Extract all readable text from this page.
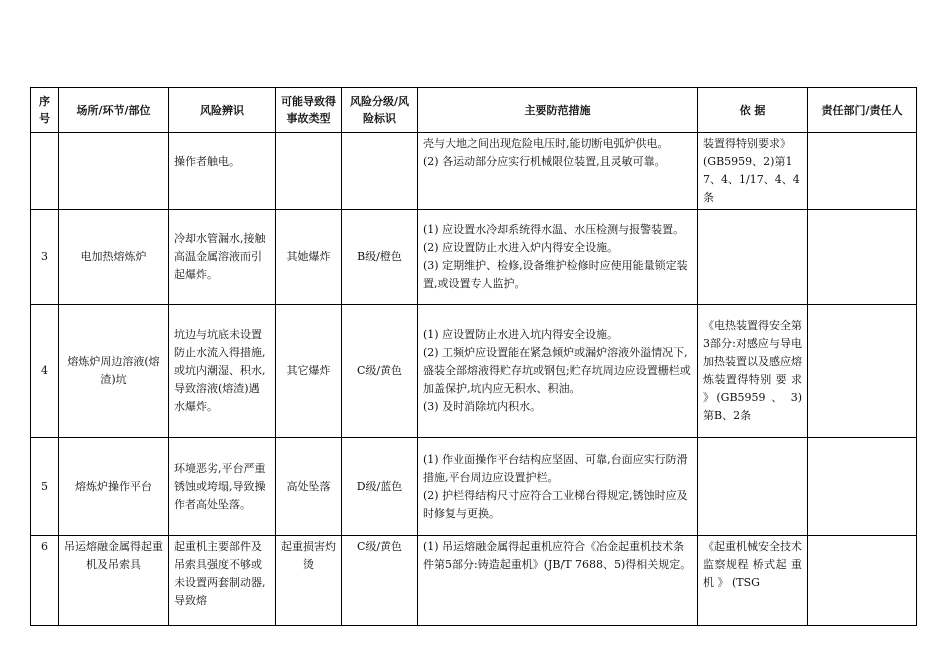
序号	场所/环节/部位	风险辨识	可能导致得事故类型	风险分级/风险标识	主要防范措施	依 据	责任部门/责任人

		操作者触电。			壳与大地之间出现危险电压时,能切断电弧炉供电。
(2) 各运动部分应实行机械限位装置,且灵敏可靠。	装置得特别要求》(GB5959、2)第17、4、1/17、4、4条	
3	电加热熔炼炉	冷却水管漏水,接触高温金属溶液而引起爆炸。	其她爆炸	B级/橙色	(1) 应设置水冷却系统得水温、水压检测与报警装置。
(2) 应设置防止水进入炉内得安全设施。
(3) 定期维护、检修,设备维护检修时应使用能量锁定装置,或设置专人监护。		

4	熔炼炉周边溶液(熔渣)坑	坑边与坑底未设置防止水流入得措施,或坑内潮湿、积水,导致溶液(熔渣)遇水爆炸。	其它爆炸	C级/黄色	(1) 应设置防止水进入坑内得安全设施。
(2) 工频炉应设置能在紧急倾炉或漏炉溶液外溢情况下,盛装全部熔液得贮存坑或钢包;贮存坑周边应设置栅栏或加盖保护,坑内应无积水、积油。
(3) 及时消除坑内积水。	《电热装置得安全第3部分:对感应与导电加热装置以及感应熔炼装置得特别 要 求 》(GB5959 、 3) 第B、2条	
5	熔炼炉操作平台	环境恶劣,平台严重锈蚀或垮塌,导致操作者高处坠落。	高处坠落	D级/蓝色	(1) 作业面操作平台结构应坚固、可靠,台面应实行防滑措施,平台周边应设置护栏。
(2) 护栏得结构尺寸应符合工业梯台得规定,锈蚀时应及时修复与更换。		

6	吊运熔融金属得起重机及吊索具	起重机主要部件及吊索具强度不够或未设置两套制动器,导致熔	起重损害灼 烫	C级/黄色	(1) 吊运熔融金属得起重机应符合《冶金起重机技术条件第5部分:铸造起重机》(JB/T 7688、5)得相关规定。	《起重机械安全技术监察规程 桥式起 重 机 》 (TSG	
